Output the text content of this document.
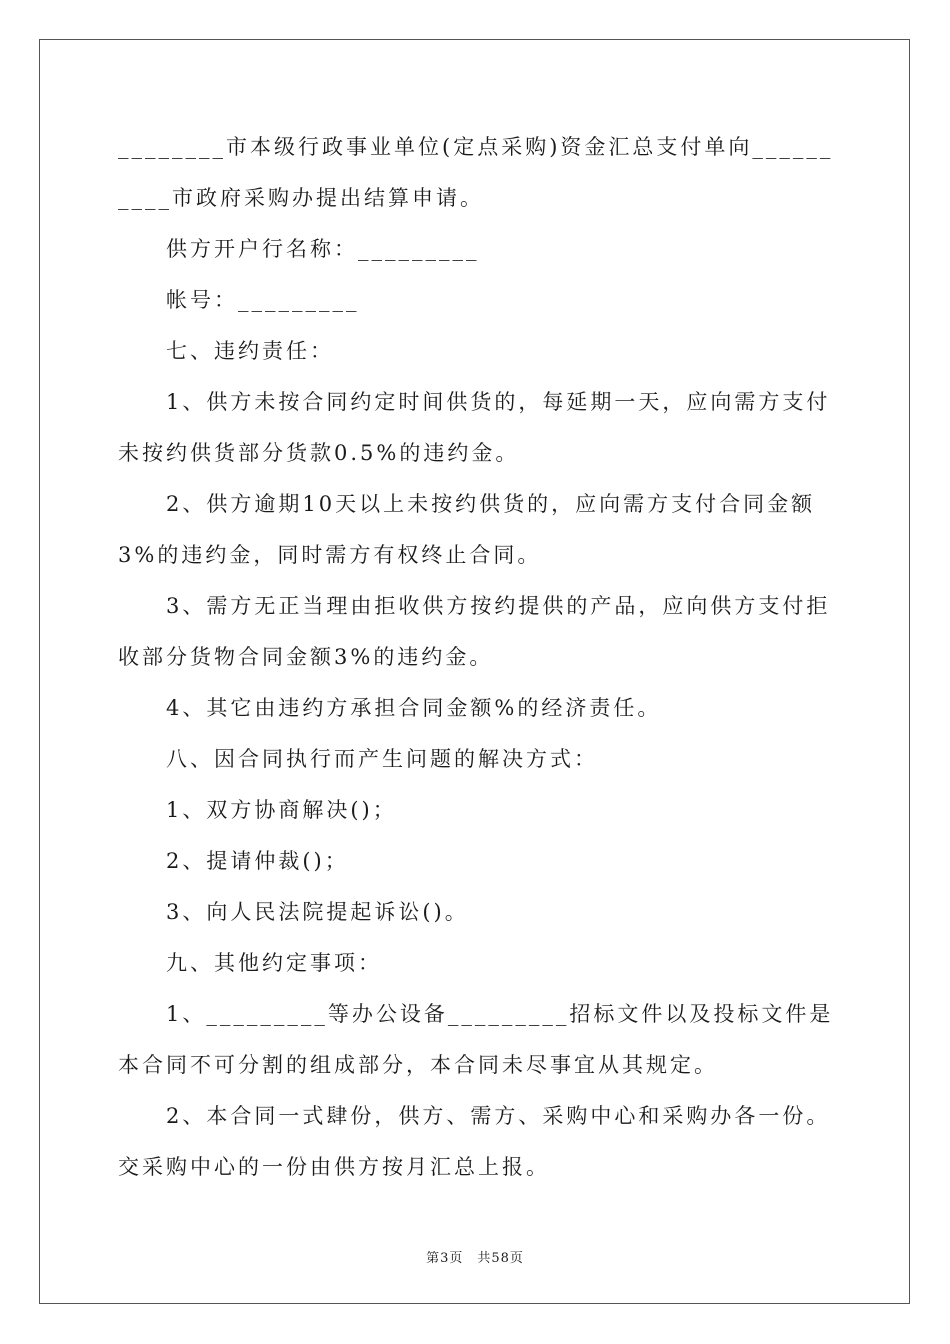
________市本级行政事业单位(定点采购)资金汇总支付单向__________市政府采购办提出结算申请。

供方开户行名称：_________

帐号：_________

七、违约责任：

1、供方未按合同约定时间供货的，每延期一天，应向需方支付未按约供货部分货款0.5%的违约金。

2、供方逾期10天以上未按约供货的，应向需方支付合同金额3%的违约金，同时需方有权终止合同。

3、需方无正当理由拒收供方按约提供的产品，应向供方支付拒收部分货物合同金额3%的违约金。

4、其它由违约方承担合同金额%的经济责任。

八、因合同执行而产生问题的解决方式：

1、双方协商解决()；

2、提请仲裁()；

3、向人民法院提起诉讼()。

九、其他约定事项：

1、_________等办公设备_________招标文件以及投标文件是本合同不可分割的组成部分，本合同未尽事宜从其规定。

2、本合同一式肆份，供方、需方、采购中心和采购办各一份。交采购中心的一份由供方按月汇总上报。

第3页 共58页
